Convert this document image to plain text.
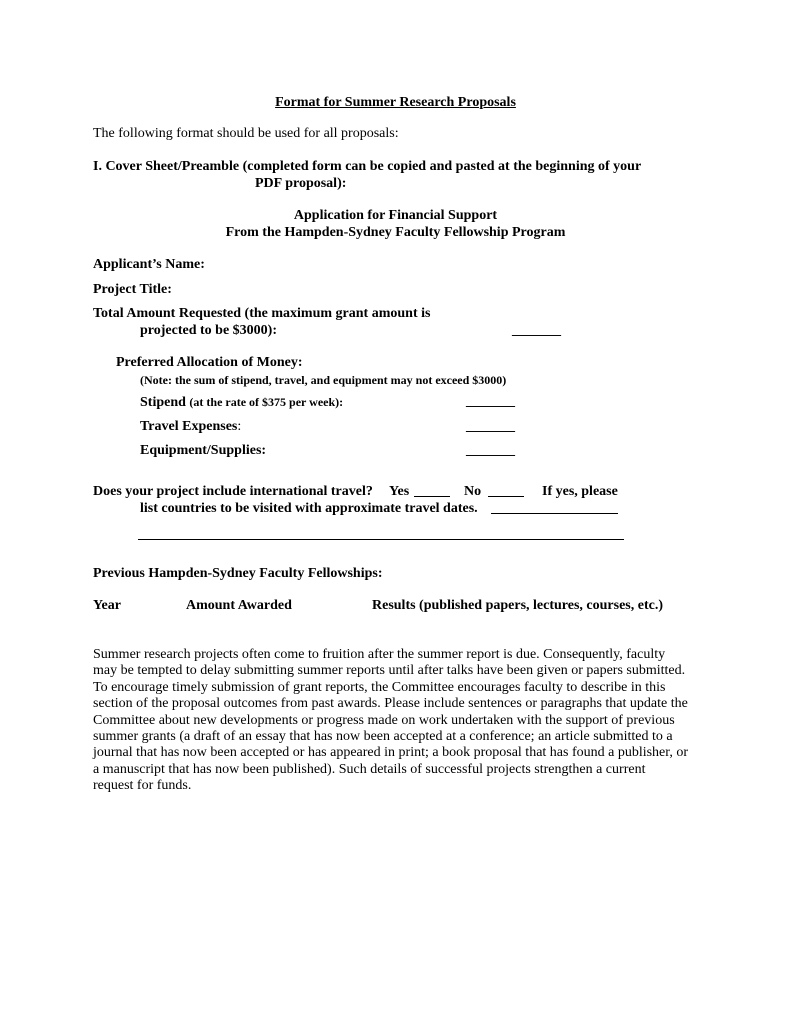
Format for Summer Research Proposals
The following format should be used for all proposals:
I. Cover Sheet/Preamble (completed form can be copied and pasted at the beginning of your
PDF proposal):
Application for Financial Support
From the Hampden-Sydney Faculty Fellowship Program
Applicant’s Name:
Project Title:
Total Amount Requested (the maximum grant amount is
projected to be $3000):	_______
Preferred Allocation of Money:
(Note: the sum of stipend, travel, and equipment may not exceed $3000)
Stipend (at the rate of $375 per week):	_______
Travel Expenses:	_______
Equipment/Supplies:	_______
Does your project include international travel? Yes	No	If yes, please
list countries to be visited with approximate travel dates.
Previous Hampden-Sydney Faculty Fellowships:
Year	Amount Awarded	Results (published papers, lectures, courses, etc.)
Summer research projects often come to fruition after the summer report is due. Consequently, faculty
may be tempted to delay submitting summer reports until after talks have been given or papers submitted.
To encourage timely submission of grant reports, the Committee encourages faculty to describe in this
section of the proposal outcomes from past awards. Please include sentences or paragraphs that update the
Committee about new developments or progress made on work undertaken with the support of previous
summer grants (a draft of an essay that has now been accepted at a conference; an article submitted to a
journal that has now been accepted or has appeared in print; a book proposal that has found a publisher, or
a manuscript that has now been published). Such details of successful projects strengthen a current
request for funds.
